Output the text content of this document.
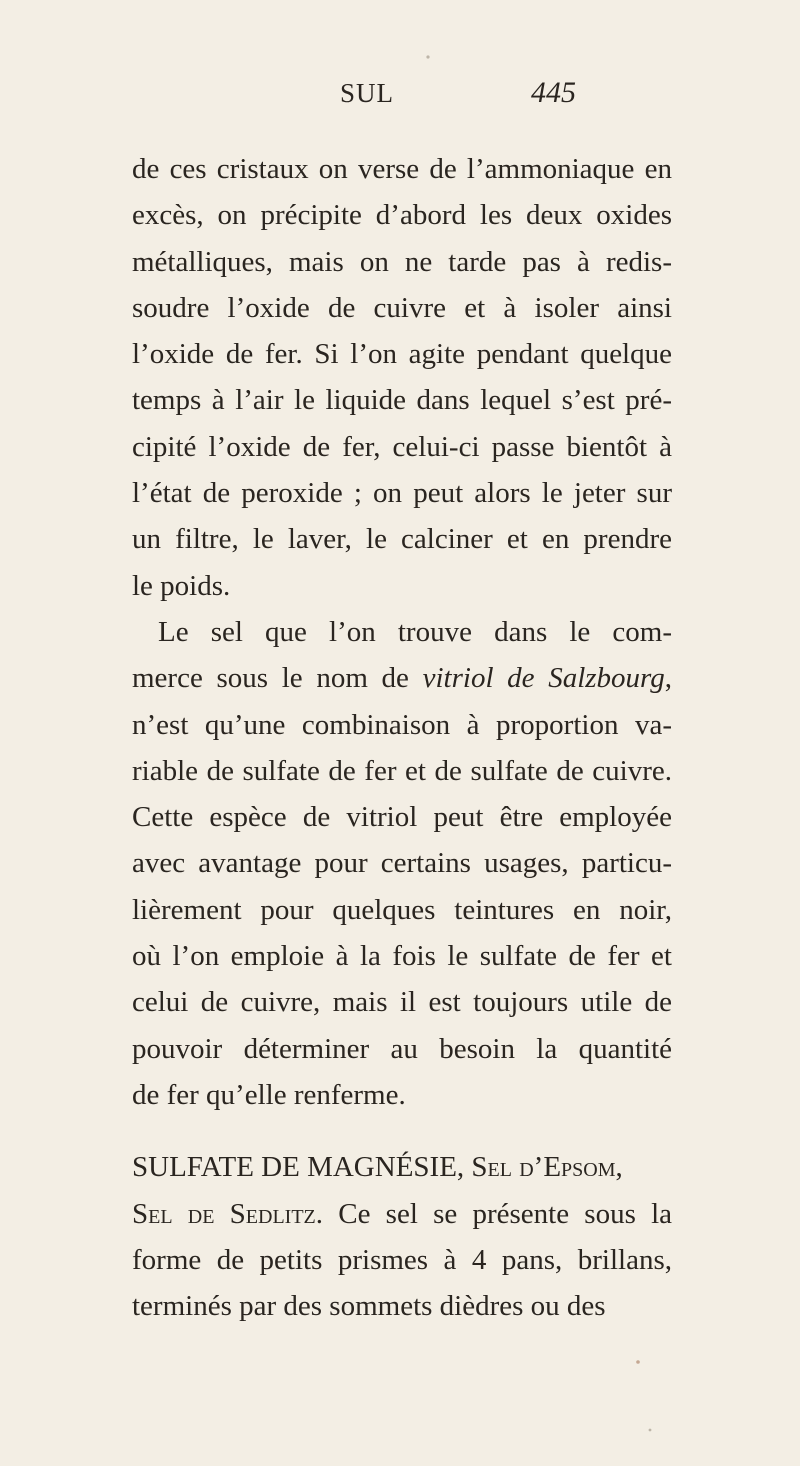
SUL	445
de ces cristaux on verse de l’ammoniaque en
excès, on précipite d’abord les deux oxides
métalliques, mais on ne tarde pas à redis-
soudre l’oxide de cuivre et à isoler ainsi
l’oxide de fer. Si l’on agite pendant quelque
temps à l’air le liquide dans lequel s’est pré-
cipité l’oxide de fer, celui-ci passe bientôt à
l’état de peroxide ; on peut alors le jeter sur
un filtre, le laver, le calciner et en prendre
le poids.
Le sel que l’on trouve dans le com-
merce sous le nom de vitriol de Salzbourg,
n’est qu’une combinaison à proportion va-
riable de sulfate de fer et de sulfate de cuivre.
Cette espèce de vitriol peut être employée
avec avantage pour certains usages, particu-
lièrement pour quelques teintures en noir,
où l’on emploie à la fois le sulfate de fer et
celui de cuivre, mais il est toujours utile de
pouvoir déterminer au besoin la quantité
de fer qu’elle renferme.
SULFATE DE MAGNÉSIE, Sel d’Epsom,
Sel de Sedlitz. Ce sel se présente sous la
forme de petits prismes à 4 pans, brillans,
terminés par des sommets dièdres ou des
